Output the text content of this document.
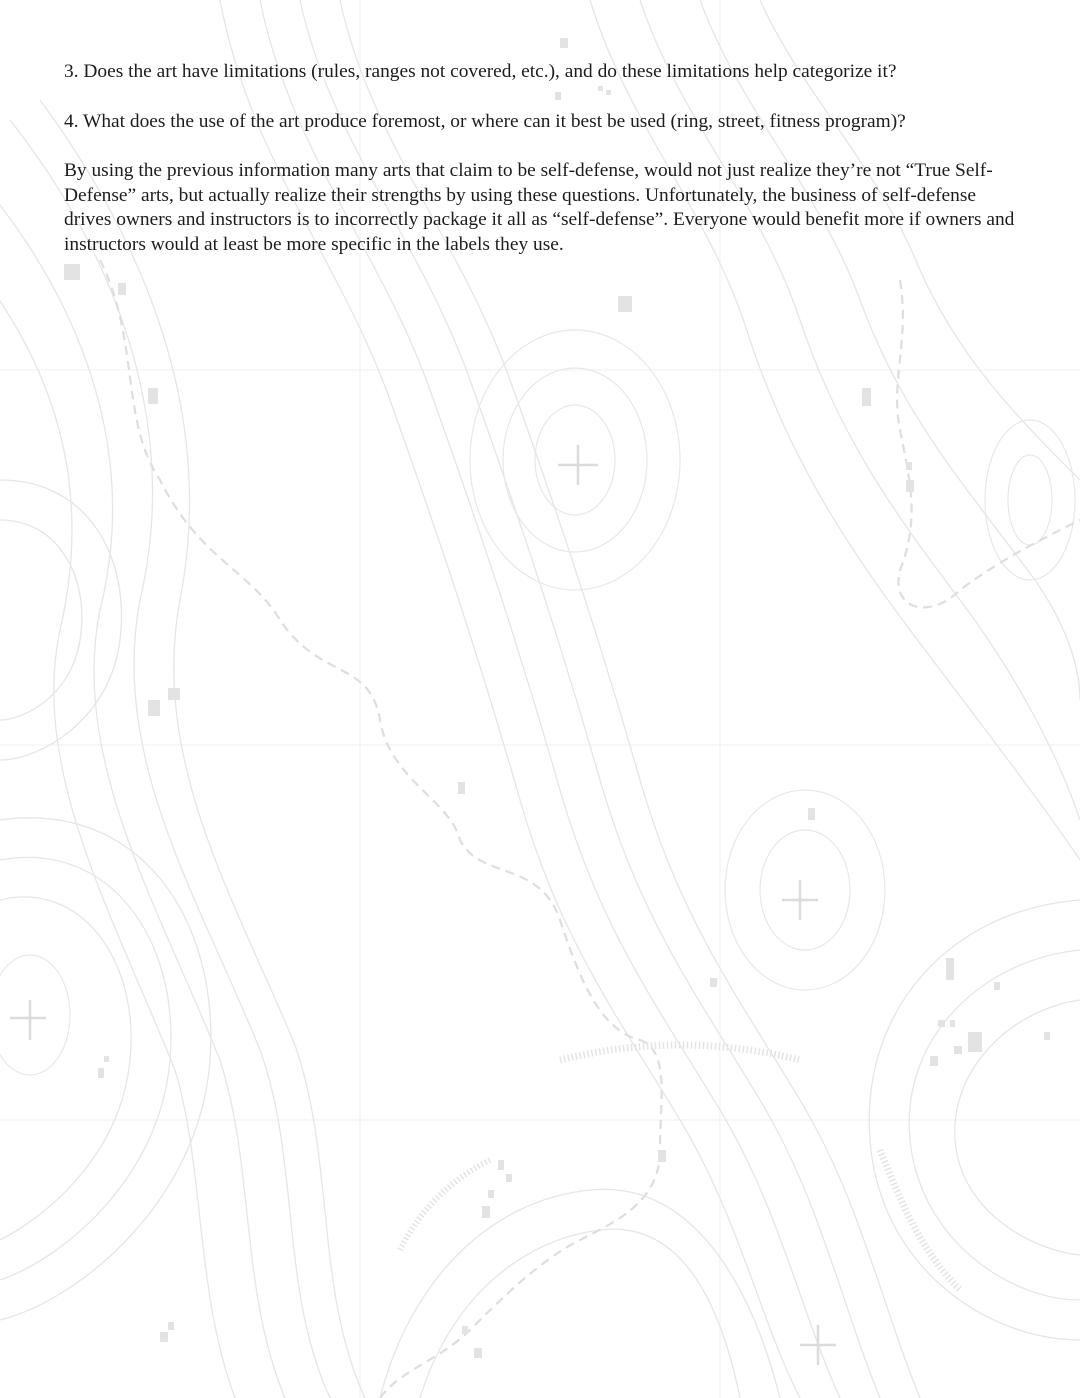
3. Does the art have limitations (rules, ranges not covered, etc.), and do these limitations help categorize it?

4. What does the use of the art produce foremost, or where can it best be used (ring, street, fitness program)?

By using the previous information many arts that claim to be self-defense, would not just realize they’re not “True Self-Defense” arts, but actually realize their strengths by using these questions. Unfortunately, the business of self-defense drives owners and instructors is to incorrectly package it all as “self-defense”. Everyone would benefit more if owners and instructors would at least be more specific in the labels they use.
